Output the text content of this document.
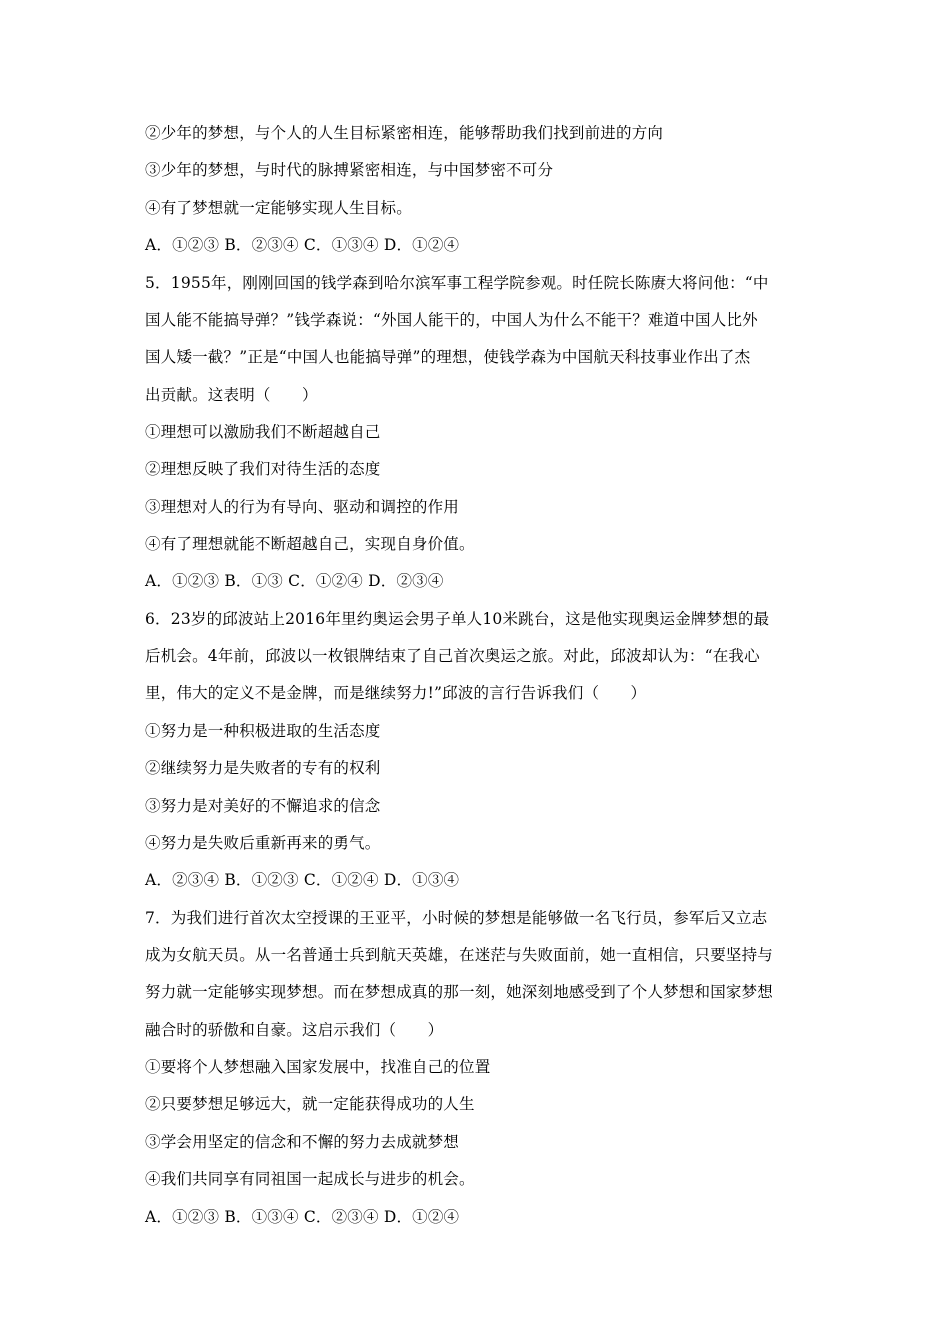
②少年的梦想，与个人的人生目标紧密相连，能够帮助我们找到前进的方向
③少年的梦想，与时代的脉搏紧密相连，与中国梦密不可分
④有了梦想就一定能够实现人生目标。
A．①②③ B．②③④ C．①③④ D．①②④
5．1955年，刚刚回国的钱学森到哈尔滨军事工程学院参观。时任院长陈赓大将问他：“中
国人能不能搞导弹？”钱学森说：“外国人能干的，中国人为什么不能干？难道中国人比外
国人矮一截？”正是“中国人也能搞导弹”的理想，使钱学森为中国航天科技事业作出了杰
出贡献。这表明（　　）
①理想可以激励我们不断超越自己
②理想反映了我们对待生活的态度
③理想对人的行为有导向、驱动和调控的作用
④有了理想就能不断超越自己，实现自身价值。
A．①②③ B．①③ C．①②④ D．②③④
6．23岁的邱波站上2016年里约奥运会男子单人10米跳台，这是他实现奥运金牌梦想的最
后机会。4年前，邱波以一枚银牌结束了自己首次奥运之旅。对此，邱波却认为：“在我心
里，伟大的定义不是金牌，而是继续努力!”邱波的言行告诉我们（　　）
①努力是一种积极进取的生活态度
②继续努力是失败者的专有的权利
③努力是对美好的不懈追求的信念
④努力是失败后重新再来的勇气。
A．②③④ B．①②③ C．①②④ D．①③④
7．为我们进行首次太空授课的王亚平，小时候的梦想是能够做一名飞行员，参军后又立志
成为女航天员。从一名普通士兵到航天英雄，在迷茫与失败面前，她一直相信，只要坚持与
努力就一定能够实现梦想。而在梦想成真的那一刻，她深刻地感受到了个人梦想和国家梦想
融合时的骄傲和自豪。这启示我们（　　）
①要将个人梦想融入国家发展中，找准自己的位置
②只要梦想足够远大，就一定能获得成功的人生
③学会用坚定的信念和不懈的努力去成就梦想
④我们共同享有同祖国一起成长与进步的机会。
A．①②③ B．①③④ C．②③④ D．①②④
